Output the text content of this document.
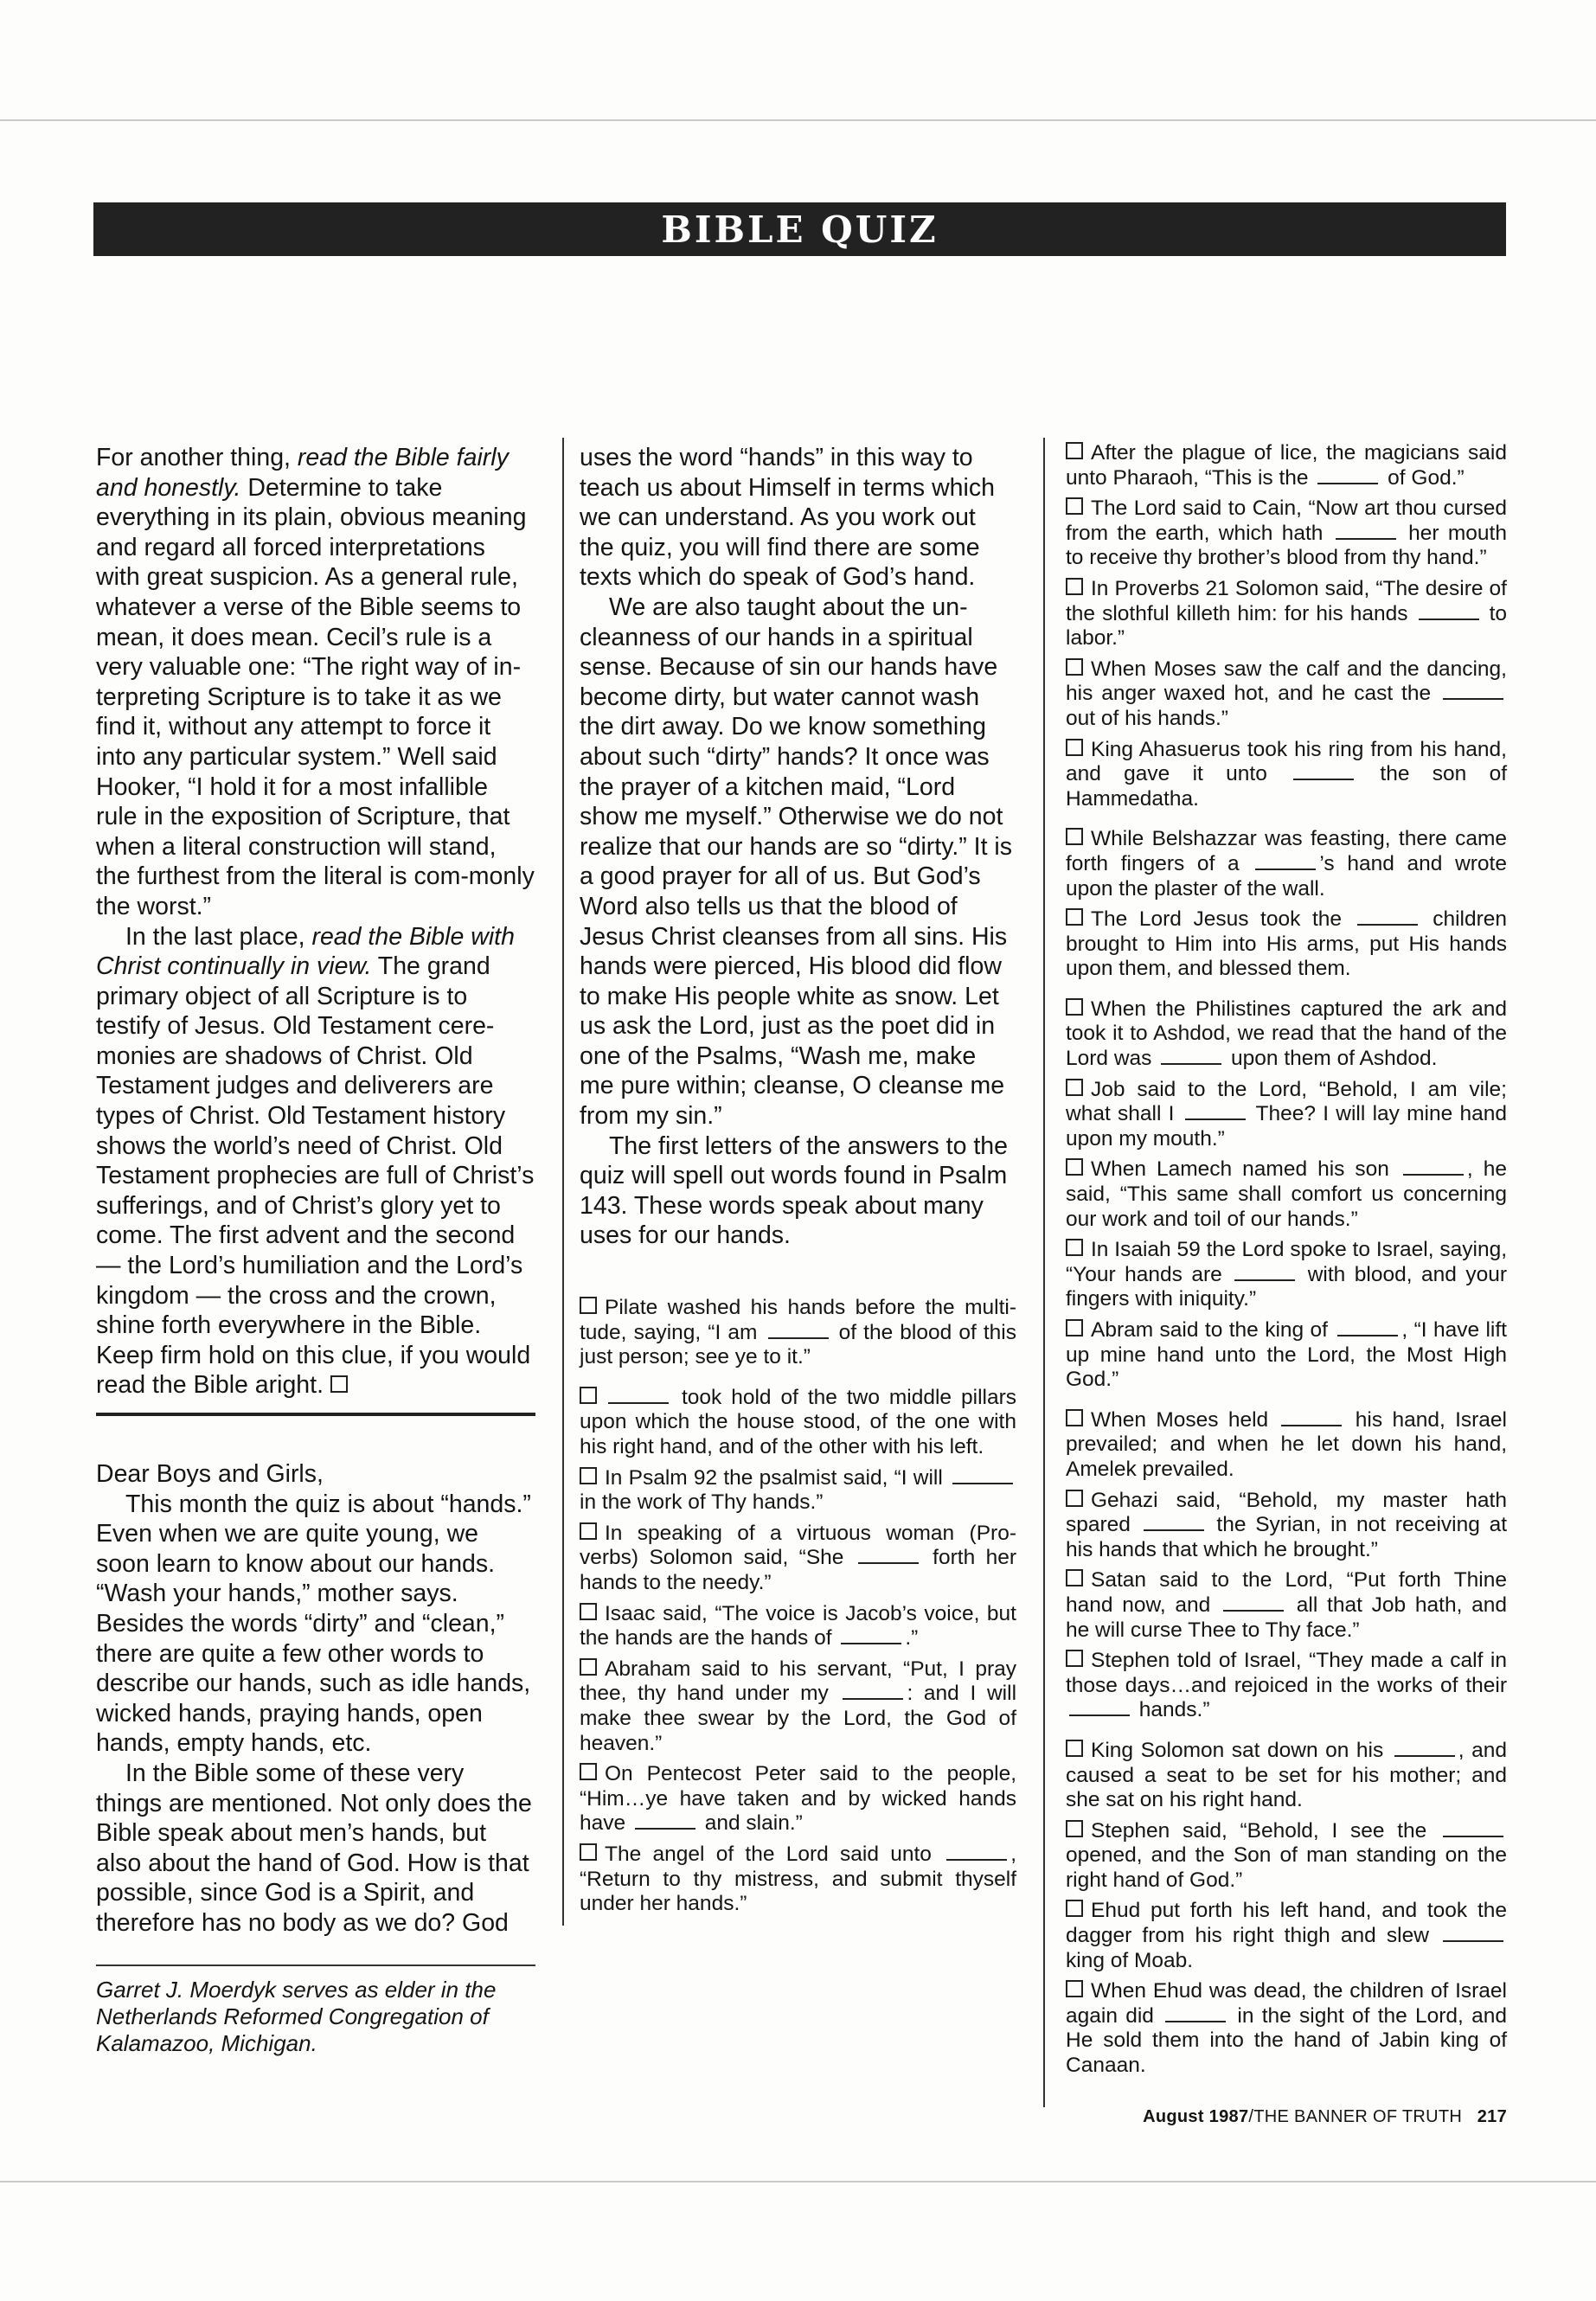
BIBLE QUIZ

For another thing, read the Bible fairly and honestly. Determine to take everything in its plain, obvious meaning and regard all forced interpretations with great suspicion. As a general rule, whatever a verse of the Bible seems to mean, it does mean. Cecil’s rule is a very valuable one: “The right way of in-terpreting Scripture is to take it as we find it, without any attempt to force it into any particular system.” Well said Hooker, “I hold it for a most infallible rule in the exposition of Scripture, that when a literal construction will stand, the furthest from the literal is com-monly the worst.”

In the last place, read the Bible with Christ continually in view. The grand primary object of all Scripture is to testify of Jesus. Old Testament cere-monies are shadows of Christ. Old Testament judges and deliverers are types of Christ. Old Testament history shows the world’s need of Christ. Old Testament prophecies are full of Christ’s sufferings, and of Christ’s glory yet to come. The first advent and the second — the Lord’s humiliation and the Lord’s kingdom — the cross and the crown, shine forth everywhere in the Bible. Keep firm hold on this clue, if you would read the Bible aright.

Dear Boys and Girls,

This month the quiz is about “hands.” Even when we are quite young, we soon learn to know about our hands. “Wash your hands,” mother says. Besides the words “dirty” and “clean,” there are quite a few other words to describe our hands, such as idle hands, wicked hands, praying hands, open hands, empty hands, etc.

In the Bible some of these very things are mentioned. Not only does the Bible speak about men’s hands, but also about the hand of God. How is that possible, since God is a Spirit, and therefore has no body as we do? God

Garret J. Moerdyk serves as elder in the Netherlands Reformed Congregation of Kalamazoo, Michigan.

uses the word “hands” in this way to teach us about Himself in terms which we can understand. As you work out the quiz, you will find there are some texts which do speak of God’s hand.

We are also taught about the un-cleanness of our hands in a spiritual sense. Because of sin our hands have become dirty, but water cannot wash the dirt away. Do we know something about such “dirty” hands? It once was the prayer of a kitchen maid, “Lord show me myself.” Otherwise we do not realize that our hands are so “dirty.” It is a good prayer for all of us. But God’s Word also tells us that the blood of Jesus Christ cleanses from all sins. His hands were pierced, His blood did flow to make His people white as snow. Let us ask the Lord, just as the poet did in one of the Psalms, “Wash me, make me pure within; cleanse, O cleanse me from my sin.”

The first letters of the answers to the quiz will spell out words found in Psalm 143. These words speak about many uses for our hands.

Pilate washed his hands before the multi-tude, saying, “I am	of the blood of this just person; see ye to it.”

took hold of the two middle pillars upon which the house stood, of the one with his right hand, and of the other with his left.

In Psalm 92 the psalmist said, “I will  in the work of Thy hands.”

In speaking of a virtuous woman (Pro-verbs) Solomon said, “She	forth her hands to the needy.”

Isaac said, “The voice is Jacob’s voice, but the hands are the hands of	.”

Abraham said to his servant, “Put, I pray thee, thy hand under my	: and I will make thee swear by the Lord, the God of heaven.”

On Pentecost Peter said to the people, “Him…ye have taken and by wicked hands have	and slain.”

The angel of the Lord said unto	, “Return to thy mistress, and submit thyself under her hands.”

After the plague of lice, the magicians said unto Pharaoh, “This is the	of God.”

The Lord said to Cain, “Now art thou cursed from the earth, which hath	her mouth to receive thy brother’s blood from thy hand.”

In Proverbs 21 Solomon said, “The desire of the slothful killeth him: for his hands	to labor.”

When Moses saw the calf and the dancing, his anger waxed hot, and he cast the  out of his hands.”

King Ahasuerus took his ring from his hand, and gave it unto	the son of Hammedatha.

While Belshazzar was feasting, there came forth fingers of a	’s hand and wrote upon the plaster of the wall.

The Lord Jesus took the	children brought to Him into His arms, put His hands upon them, and blessed them.

When the Philistines captured the ark and took it to Ashdod, we read that the hand of the Lord was	upon them of Ashdod.

Job said to the Lord, “Behold, I am vile; what shall I	Thee? I will lay mine hand upon my mouth.”

When Lamech named his son	, he said, “This same shall comfort us concerning our work and toil of our hands.”

In Isaiah 59 the Lord spoke to Israel, saying, “Your hands are	with blood, and your fingers with iniquity.”

Abram said to the king of	, “I have lift up mine hand unto the Lord, the Most High God.”

When Moses held	his hand, Israel prevailed; and when he let down his hand, Amelek prevailed.

Gehazi said, “Behold, my master hath spared	the Syrian, in not receiving at his hands that which he brought.”

Satan said to the Lord, “Put forth Thine hand now, and	all that Job hath, and he will curse Thee to Thy face.”

Stephen told of Israel, “They made a calf in those days…and rejoiced in the works of their  hands.”

King Solomon sat down on his	, and caused a seat to be set for his mother; and she sat on his right hand.

Stephen said, “Behold, I see the  opened, and the Son of man standing on the right hand of God.”

Ehud put forth his left hand, and took the dagger from his right thigh and slew  king of Moab.

When Ehud was dead, the children of Israel again did	in the sight of the Lord, and He sold them into the hand of Jabin king of Canaan.

August 1987/THE BANNER OF TRUTH 217
